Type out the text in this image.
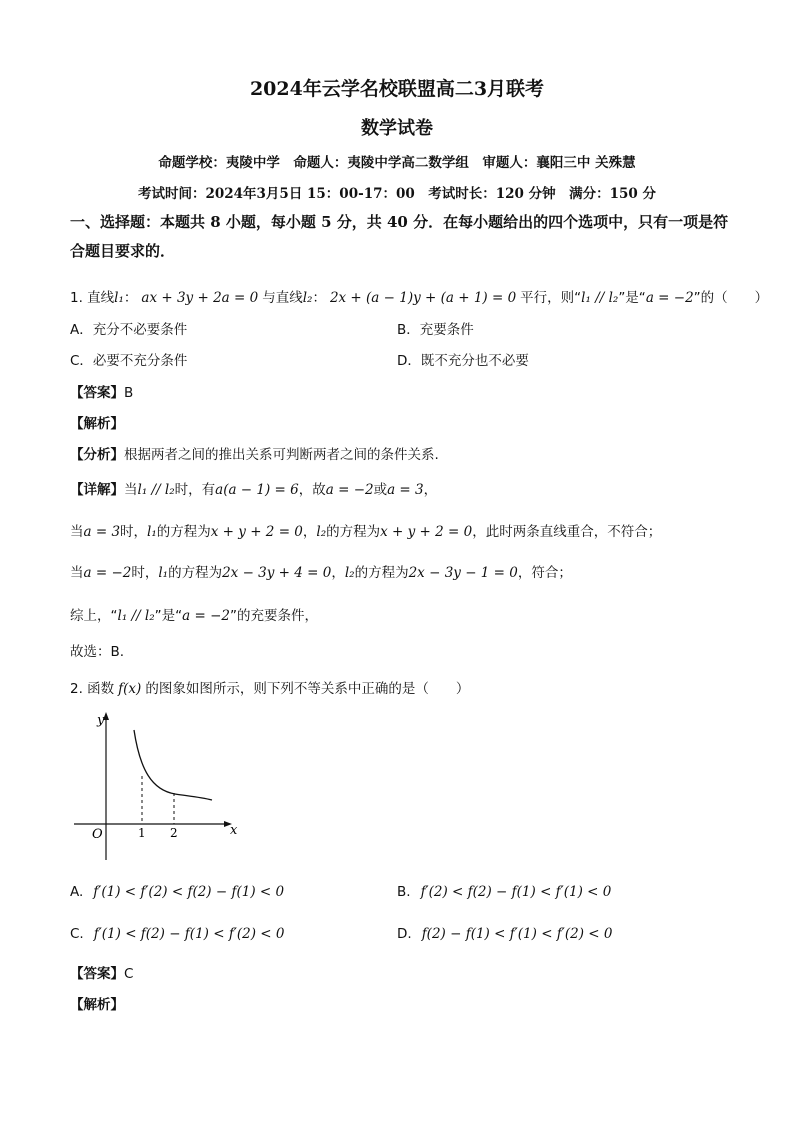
2024年云学名校联盟高二3月联考
数学试卷
命题学校：夷陵中学　命题人：夷陵中学高二数学组　审题人：襄阳三中 关殊慧
考试时间：2024年3月5日 15：00-17：00　考试时长：120 分钟　满分：150 分
一、选择题：本题共 8 小题，每小题 5 分，共 40 分．在每小题给出的四个选项中，只有一项是符合题目要求的．
1. 直线l₁： ax + 3y + 2a = 0 与直线l₂： 2x + (a − 1)y + (a + 1) = 0 平行，则“l₁ // l₂”是“a = −2”的（　　）
A．充分不必要条件	B．充要条件
C．必要不充分条件	D．既不充分也不必要
【答案】B
【解析】
【分析】根据两者之间的推出关系可判断两者之间的条件关系.
【详解】当l₁ // l₂时，有a(a − 1) = 6，故a = −2或a = 3，
当a = 3时，l₁的方程为x + y + 2 = 0，l₂的方程为x + y + 2 = 0，此时两条直线重合，不符合；
当a = −2时，l₁的方程为2x − 3y + 4 = 0，l₂的方程为2x − 3y − 1 = 0，符合；
综上，“l₁ // l₂”是“a = −2”的充要条件，
故选：B.
2. 函数 f(x) 的图象如图所示，则下列不等关系中正确的是（　　）
y
x
O	1 2
A. f′(1) < f′(2) < f(2) − f(1) < 0	B. f′(2) < f(2) − f(1) < f′(1) < 0
C. f′(1) < f(2) − f(1) < f′(2) < 0	D. f(2) − f(1) < f′(1) < f′(2) < 0
【答案】C
【解析】
